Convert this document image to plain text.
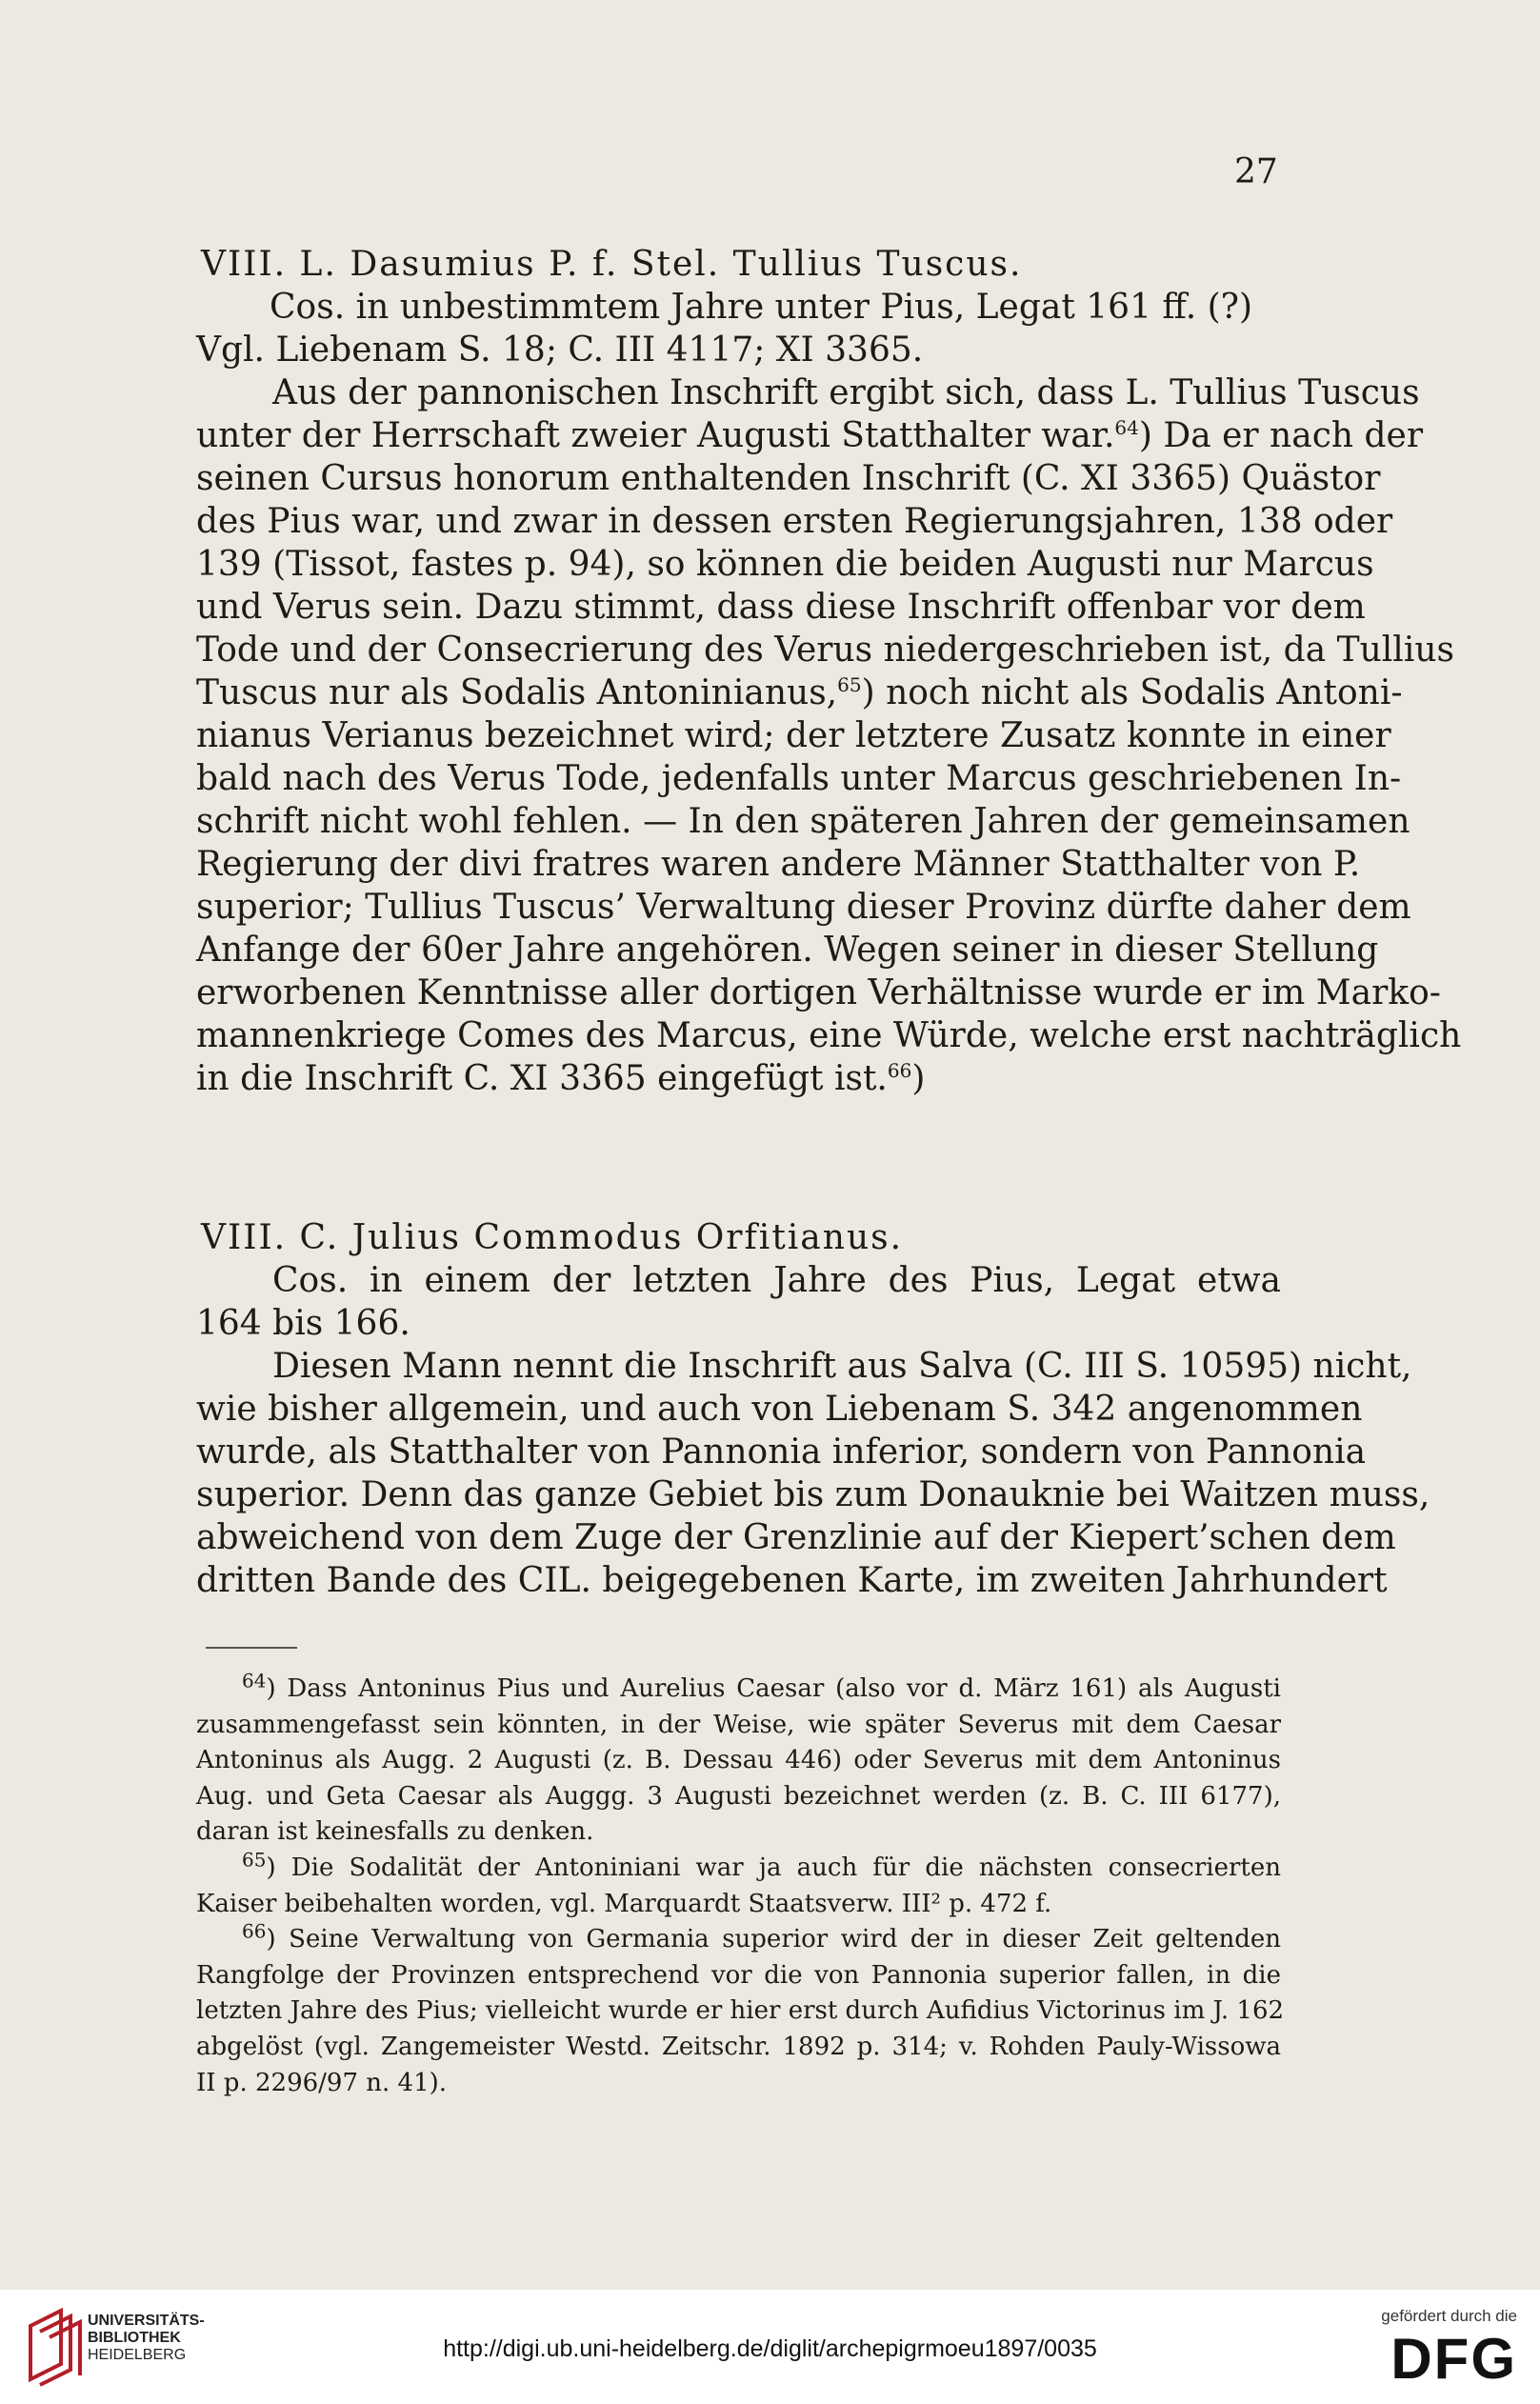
27
VIII. L. Dasumius P. f. Stel. Tullius Tuscus.
Cos. in unbestimmtem Jahre unter Pius, Legat 161 ff. (?)
Vgl. Liebenam S. 18; C. III 4117; XI 3365.
Aus der pannonischen Inschrift ergibt sich, dass L. Tullius Tuscus
unter der Herrschaft zweier Augusti Statthalter war.$^{64}$) Da er nach der
seinen Cursus honorum enthaltenden Inschrift (C. XI 3365) Quästor
des Pius war, und zwar in dessen ersten Regierungsjahren, 138 oder
139 (Tissot, fastes p. 94), so können die beiden Augusti nur Marcus
und Verus sein. Dazu stimmt, dass diese Inschrift offenbar vor dem
Tode und der Consecrierung des Verus niedergeschrieben ist, da Tullius
Tuscus nur als Sodalis Antoninianus,$^{65}$) noch nicht als Sodalis Antoni-
nianus Verianus bezeichnet wird; der letztere Zusatz konnte in einer
bald nach des Verus Tode, jedenfalls unter Marcus geschriebenen In-
schrift nicht wohl fehlen. — In den späteren Jahren der gemeinsamen
Regierung der divi fratres waren andere Männer Statthalter von P.
superior; Tullius Tuscus’ Verwaltung dieser Provinz dürfte daher dem
Anfange der 60er Jahre angehören. Wegen seiner in dieser Stellung
erworbenen Kenntnisse aller dortigen Verhältnisse wurde er im Marko-
mannenkriege Comes des Marcus, eine Würde, welche erst nachträglich
in die Inschrift C. XI 3365 eingefügt ist.$^{66}$)
VIII. C. Julius Commodus Orfitianus.
Cos. in einem der letzten Jahre des Pius, Legat etwa
164 bis 166.
Diesen Mann nennt die Inschrift aus Salva (C. III S. 10595) nicht,
wie bisher allgemein, und auch von Liebenam S. 342 angenommen
wurde, als Statthalter von Pannonia inferior, sondern von Pannonia
superior. Denn das ganze Gebiet bis zum Donauknie bei Waitzen muss,
abweichend von dem Zuge der Grenzlinie auf der Kiepert’schen dem
dritten Bande des CIL. beigegebenen Karte, im zweiten Jahrhundert
$^{64}$) Dass Antoninus Pius und Aurelius Caesar (also vor d. März 161) als Augusti
zusammengefasst sein könnten, in der Weise, wie später Severus mit dem Caesar
Antoninus als Augg. 2 Augusti (z. B. Dessau 446) oder Severus mit dem Antoninus
Aug. und Geta Caesar als Auggg. 3 Augusti bezeichnet werden (z. B. C. III 6177),
daran ist keinesfalls zu denken.
$^{65}$) Die Sodalität der Antoniniani war ja auch für die nächsten consecrierten
Kaiser beibehalten worden, vgl. Marquardt Staatsverw. III² p. 472 f.
$^{66}$) Seine Verwaltung von Germania superior wird der in dieser Zeit geltenden
Rangfolge der Provinzen entsprechend vor die von Pannonia superior fallen, in die
letzten Jahre des Pius; vielleicht wurde er hier erst durch Aufidius Victorinus im J. 162
abgelöst (vgl. Zangemeister Westd. Zeitschr. 1892 p. 314; v. Rohden Pauly-Wissowa
II p. 2296/97 n. 41).
UNIVERSITÄTS-
BIBLIOTHEK
HEIDELBERG	http://digi.ub.uni-heidelberg.de/diglit/archepigrmoeu1897/0035
gefördert durch die
DFG
